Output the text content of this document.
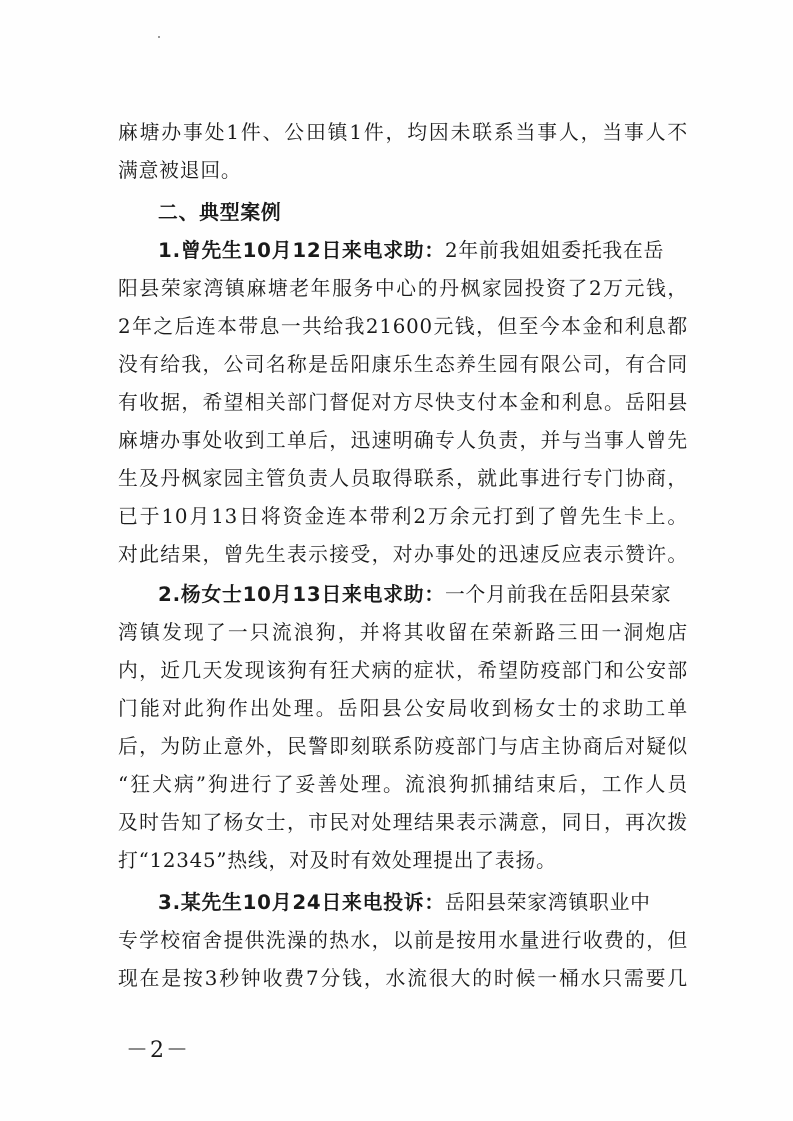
麻塘办事处1件、公田镇1件，均因未联系当事人，当事人不
满意被退回。
二、典型案例
1.曾先生10月12日来电求助：2年前我姐姐委托我在岳
阳县荣家湾镇麻塘老年服务中心的丹枫家园投资了2万元钱，
2年之后连本带息一共给我21600元钱，但至今本金和利息都
没有给我，公司名称是岳阳康乐生态养生园有限公司，有合同
有收据，希望相关部门督促对方尽快支付本金和利息。岳阳县
麻塘办事处收到工单后，迅速明确专人负责，并与当事人曾先
生及丹枫家园主管负责人员取得联系，就此事进行专门协商，
已于10月13日将资金连本带利2万余元打到了曾先生卡上。
对此结果，曾先生表示接受，对办事处的迅速反应表示赞许。
2.杨女士10月13日来电求助：一个月前我在岳阳县荣家
湾镇发现了一只流浪狗，并将其收留在荣新路三田一洞炮店
内，近几天发现该狗有狂犬病的症状，希望防疫部门和公安部
门能对此狗作出处理。岳阳县公安局收到杨女士的求助工单
后，为防止意外，民警即刻联系防疫部门与店主协商后对疑似
“狂犬病”狗进行了妥善处理。流浪狗抓捕结束后，工作人员
及时告知了杨女士，市民对处理结果表示满意，同日，再次拨
打“12345”热线，对及时有效处理提出了表扬。
3.某先生10月24日来电投诉：岳阳县荣家湾镇职业中
专学校宿舍提供洗澡的热水，以前是按用水量进行收费的，但
现在是按3秒钟收费7分钱，水流很大的时候一桶水只需要几
－2－
